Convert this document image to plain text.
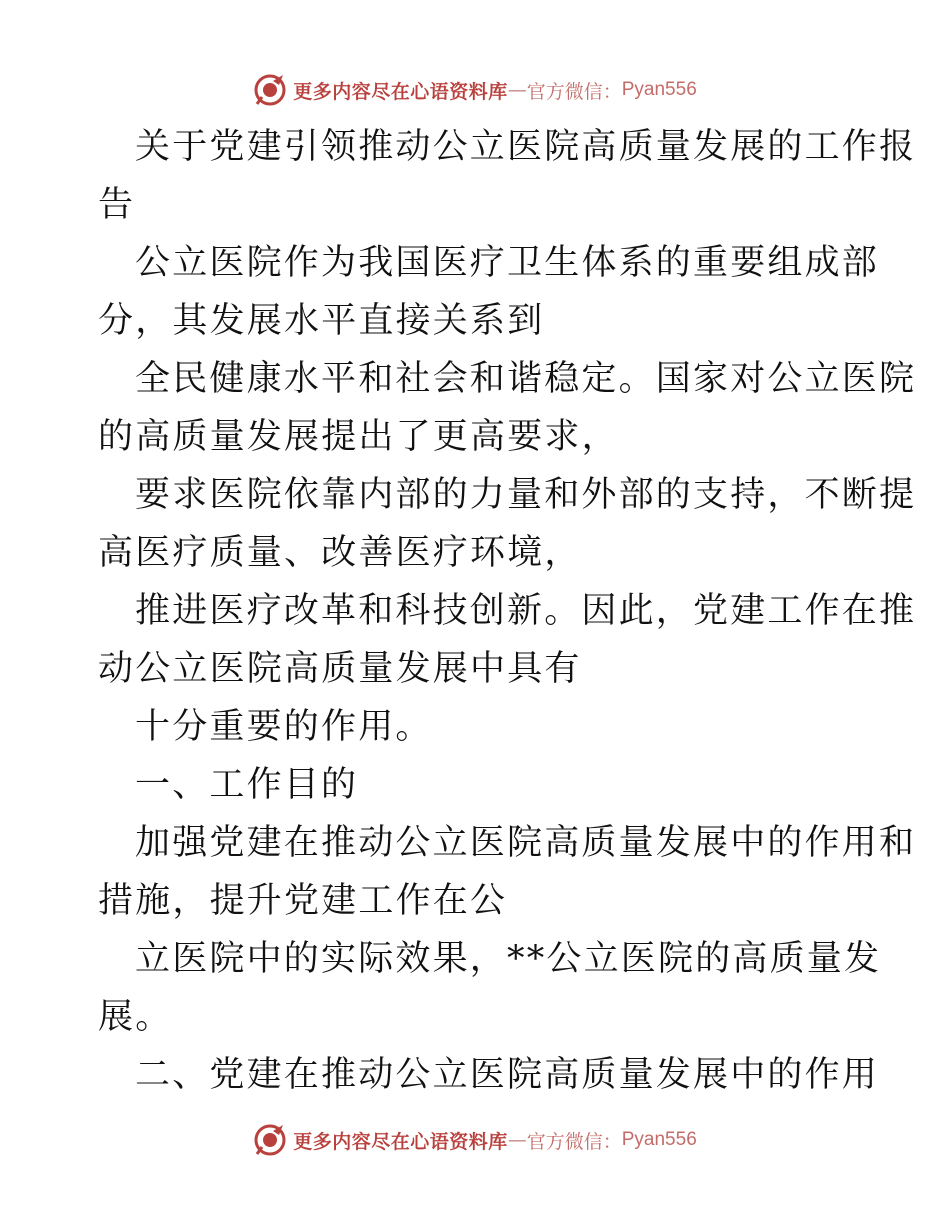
更多内容尽在心语资料库 — 官方微信： Pyan556
关于党建引领推动公立医院高质量发展的工作报
告
公立医院作为我国医疗卫生体系的重要组成部
分，其发展水平直接关系到
全民健康水平和社会和谐稳定。国家对公立医院
的高质量发展提出了更高要求，
要求医院依靠内部的力量和外部的支持，不断提
高医疗质量、改善医疗环境，
推进医疗改革和科技创新。因此，党建工作在推
动公立医院高质量发展中具有
十分重要的作用。
一、工作目的
加强党建在推动公立医院高质量发展中的作用和
措施，提升党建工作在公
立医院中的实际效果，**公立医院的高质量发
展。
二、党建在推动公立医院高质量发展中的作用
更多内容尽在心语资料库 — 官方微信： Pyan556
